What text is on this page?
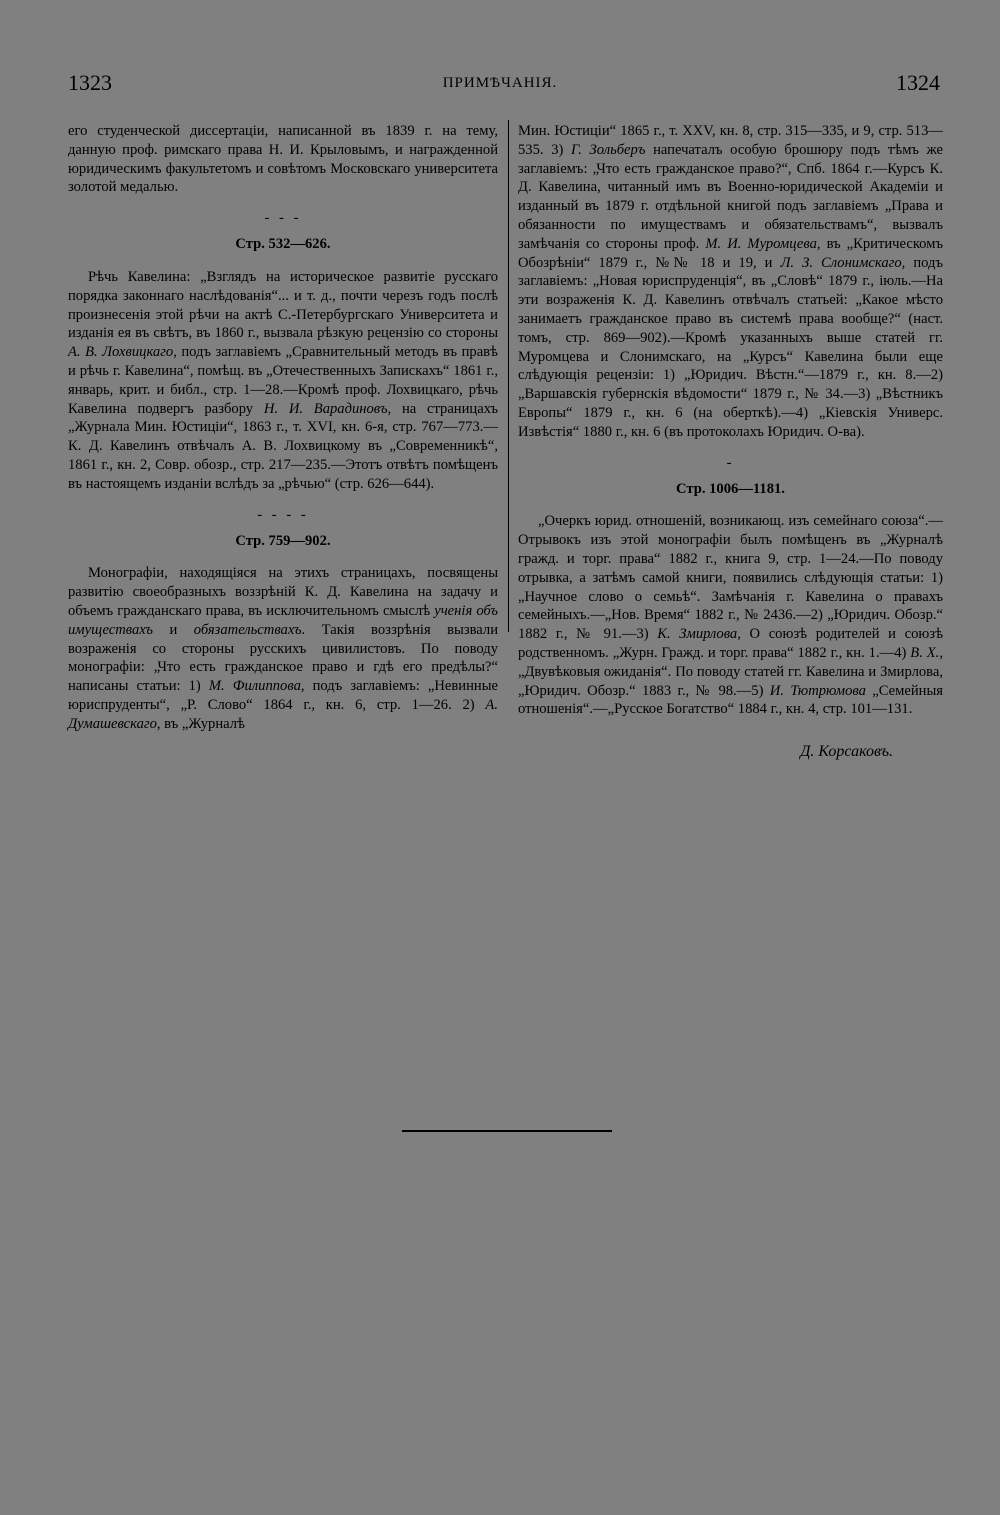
1323	ПРИМѢЧАНІЯ.	1324

его студенческой диссертаціи, написанной въ 1839 г. на тему, данную проф. римскаго права Н. И. Крыловымъ, и награжденной юридическимъ факультетомъ и совѣтомъ Московскаго университета золотой медалью.

- - -
Стр. 532—626.

Рѣчь Кавелина: „Взглядъ на историческое развитіе русскаго порядка законнаго наслѣдованія“... и т. д., почти черезъ годъ послѣ произнесенія этой рѣчи на актѣ С.-Петербургскаго Университета и изданія ея въ свѣтъ, въ 1860 г., вызвала рѣзкую рецензію со стороны А. В. Лохвицкаго, подъ заглавіемъ „Сравнительный методъ въ правѣ и рѣчь г. Кавелина“, помѣщ. въ „Отечественныхъ Запискахъ“ 1861 г., январь, крит. и библ., стр. 1—28.—Кромѣ проф. Лохвицкаго, рѣчь Кавелина подвергъ разбору Н. И. Варадиновъ, на страницахъ „Журнала Мин. Юстиціи“, 1863 г., т. XVI, кн. 6-я, стр. 767—773.—К. Д. Кавелинъ отвѣчалъ А. В. Лохвицкому въ „Современникѣ“, 1861 г., кн. 2, Совр. обозр., стр. 217—235.—Этотъ отвѣтъ помѣщенъ въ настоящемъ изданіи вслѣдъ за „рѣчью“ (стр. 626—644).

- - - -
Стр. 759—902.

Монографіи, находящіяся на этихъ страницахъ, посвящены развитію своеобразныхъ воззрѣній К. Д. Кавелина на задачу и объемъ гражданскаго права, въ исключительномъ смыслѣ ученія объ имуществахъ и обязательствахъ. Такія воззрѣнія вызвали возраженія со стороны русскихъ цивилистовъ. По поводу монографіи: „Что есть гражданское право и гдѣ его предѣлы?“ написаны статьи: 1) М. Филиппова, подъ заглавіемъ: „Невинные юриспруденты“, „Р. Слово“ 1864 г., кн. 6, стр. 1—26. 2) А. Думашевскаго, въ „Журналѣ

Мин. Юстиціи“ 1865 г., т. XXV, кн. 8, стр. 315—335, и 9, стр. 513—535. 3) Г. Зольберъ напечаталъ особую брошюру подъ тѣмъ же заглавіемъ: „Что есть гражданское право?“, Спб. 1864 г.—Курсъ К. Д. Кавелина, читанный имъ въ Военно-юридической Академіи и изданный въ 1879 г. отдѣльной книгой подъ заглавіемъ „Права и обязанности по имуществамъ и обязательствамъ“, вызвалъ замѣчанія со стороны проф. М. И. Муромцева, въ „Критическомъ Обозрѣніи“ 1879 г., №№ 18 и 19, и Л. З. Слонимскаго, подъ заглавіемъ: „Новая юриспруденція“, въ „Словѣ“ 1879 г., іюль.—На эти возраженія К. Д. Кавелинъ отвѣчалъ статьей: „Какое мѣсто занимаетъ гражданское право въ системѣ права вообще?“ (наст. томъ, стр. 869—902).—Кромѣ указанныхъ выше статей гг. Муромцева и Слонимскаго, на „Курсъ“ Кавелина были еще слѣдующія рецензіи: 1) „Юридич. Вѣстн.“—1879 г., кн. 8.—2) „Варшавскія губернскія вѣдомости“ 1879 г., № 34.—3) „Вѣстникъ Европы“ 1879 г., кн. 6 (на оберткѣ).—4) „Кіевскія Универс. Извѣстія“ 1880 г., кн. 6 (въ протоколахъ Юридич. О-ва).

-
Стр. 1006—1181.

„Очеркъ юрид. отношеній, возникающ. изъ семейнаго союза“.—Отрывокъ изъ этой монографіи былъ помѣщенъ въ „Журналѣ гражд. и торг. права“ 1882 г., книга 9, стр. 1—24.—По поводу отрывка, а затѣмъ самой книги, появились слѣдующія статьи: 1) „Научное слово о семьѣ“. Замѣчанія г. Кавелина о правахъ семейныхъ.—„Нов. Время“ 1882 г., № 2436.—2) „Юридич. Обозр.“ 1882 г., № 91.—3) К. Змирлова, О союзѣ родителей и союзѣ родственномъ. „Журн. Гражд. и торг. права“ 1882 г., кн. 1.—4) В. Х., „Двувѣковыя ожиданія“. По поводу статей гг. Кавелина и Змирлова, „Юридич. Обозр.“ 1883 г., № 98.—5) И. Тютрюмова „Семейныя отношенія“.—„Русское Богатство“ 1884 г., кн. 4, стр. 101—131.

Д. Корсаковъ.
